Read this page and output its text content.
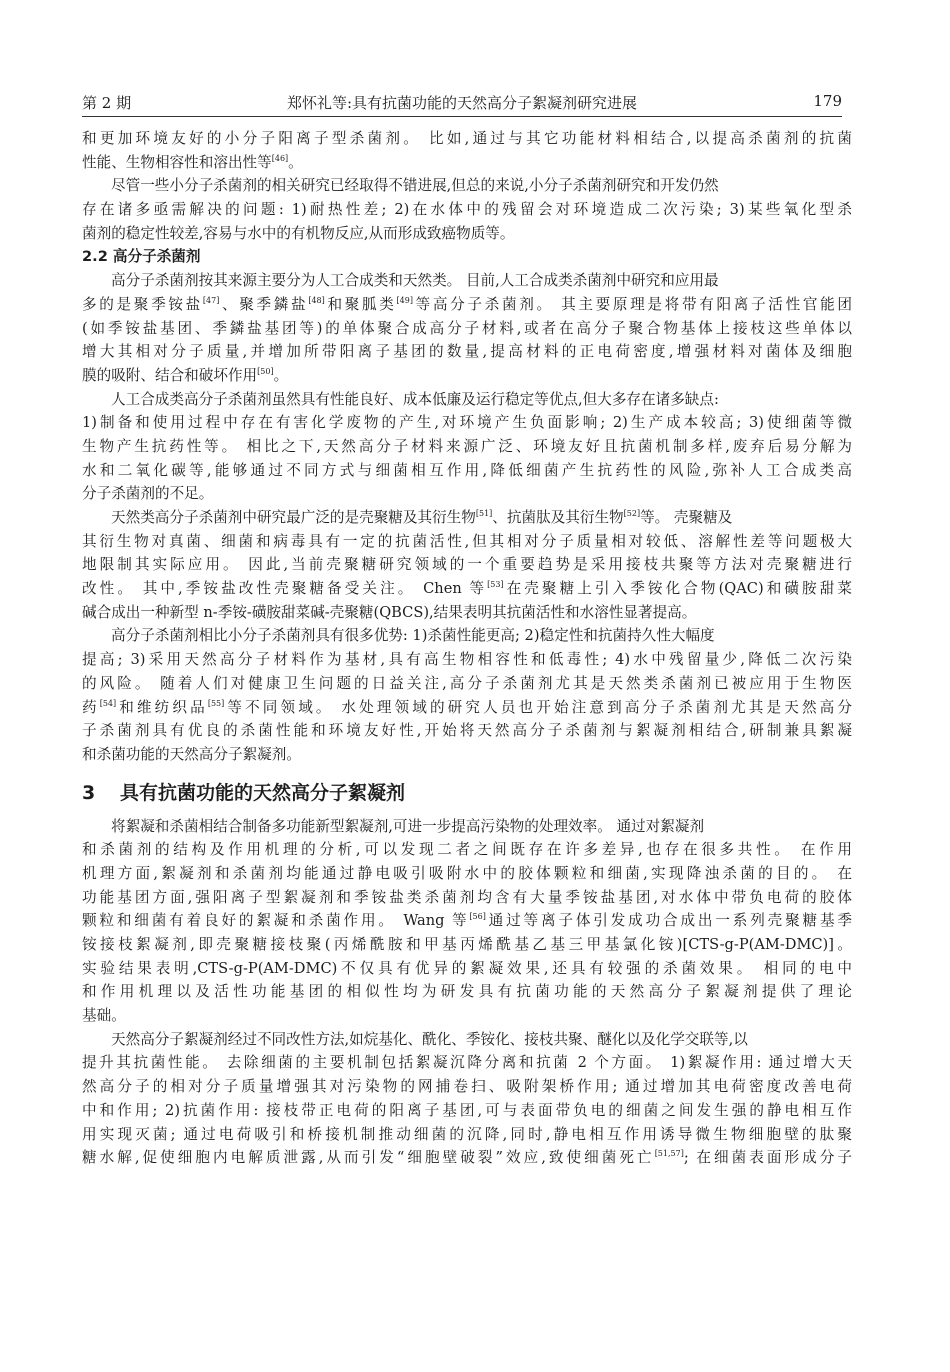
第 2 期	郑怀礼等:具有抗菌功能的天然高分子絮凝剂研究进展	179
和更加环境友好的小分子阳离子型杀菌剂。 比如,通过与其它功能材料相结合,以提高杀菌剂的抗菌
性能、生物相容性和溶出性等[46]。
尽管一些小分子杀菌剂的相关研究已经取得不错进展,但总的来说,小分子杀菌剂研究和开发仍然
存在诸多亟需解决的问题: 1)耐热性差; 2)在水体中的残留会对环境造成二次污染; 3)某些氧化型杀
菌剂的稳定性较差,容易与水中的有机物反应,从而形成致癌物质等。
2.2 高分子杀菌剂
高分子杀菌剂按其来源主要分为人工合成类和天然类。 目前,人工合成类杀菌剂中研究和应用最
多的是聚季铵盐[47]、聚季鏻盐[48]和聚胍类[49]等高分子杀菌剂。 其主要原理是将带有阳离子活性官能团
(如季铵盐基团、季鏻盐基团等)的单体聚合成高分子材料,或者在高分子聚合物基体上接枝这些单体以
增大其相对分子质量,并增加所带阳离子基团的数量,提高材料的正电荷密度,增强材料对菌体及细胞
膜的吸附、结合和破坏作用[50]。
人工合成类高分子杀菌剂虽然具有性能良好、成本低廉及运行稳定等优点,但大多存在诸多缺点:
1)制备和使用过程中存在有害化学废物的产生,对环境产生负面影响; 2)生产成本较高; 3)使细菌等微
生物产生抗药性等。 相比之下,天然高分子材料来源广泛、环境友好且抗菌机制多样,废弃后易分解为
水和二氧化碳等,能够通过不同方式与细菌相互作用,降低细菌产生抗药性的风险,弥补人工合成类高
分子杀菌剂的不足。
天然类高分子杀菌剂中研究最广泛的是壳聚糖及其衍生物[51]、抗菌肽及其衍生物[52]等。 壳聚糖及
其衍生物对真菌、细菌和病毒具有一定的抗菌活性,但其相对分子质量相对较低、溶解性差等问题极大
地限制其实际应用。 因此,当前壳聚糖研究领域的一个重要趋势是采用接枝共聚等方法对壳聚糖进行
改性。 其中,季铵盐改性壳聚糖备受关注。 Chen 等[53]在壳聚糖上引入季铵化合物(QAC)和磺胺甜菜
碱合成出一种新型 n-季铵-磺胺甜菜碱-壳聚糖(QBCS),结果表明其抗菌活性和水溶性显著提高。
高分子杀菌剂相比小分子杀菌剂具有很多优势: 1)杀菌性能更高; 2)稳定性和抗菌持久性大幅度
提高; 3)采用天然高分子材料作为基材,具有高生物相容性和低毒性; 4)水中残留量少,降低二次污染
的风险。 随着人们对健康卫生问题的日益关注,高分子杀菌剂尤其是天然类杀菌剂已被应用于生物医
药[54]和维纺织品[55]等不同领域。 水处理领域的研究人员也开始注意到高分子杀菌剂尤其是天然高分
子杀菌剂具有优良的杀菌性能和环境友好性,开始将天然高分子杀菌剂与絮凝剂相结合,研制兼具絮凝
和杀菌功能的天然高分子絮凝剂。
3 具有抗菌功能的天然高分子絮凝剂
将絮凝和杀菌相结合制备多功能新型絮凝剂,可进一步提高污染物的处理效率。 通过对絮凝剂
和杀菌剂的结构及作用机理的分析,可以发现二者之间既存在许多差异,也存在很多共性。 在作用
机理方面,絮凝剂和杀菌剂均能通过静电吸引吸附水中的胶体颗粒和细菌,实现降浊杀菌的目的。 在
功能基团方面,强阳离子型絮凝剂和季铵盐类杀菌剂均含有大量季铵盐基团,对水体中带负电荷的胶体
颗粒和细菌有着良好的絮凝和杀菌作用。 Wang 等[56]通过等离子体引发成功合成出一系列壳聚糖基季
铵接枝絮凝剂,即壳聚糖接枝聚(丙烯酰胺和甲基丙烯酰基乙基三甲基氯化铵)[CTS-g-P(AM-DMC)]。
实验结果表明,CTS-g-P(AM-DMC)不仅具有优异的絮凝效果,还具有较强的杀菌效果。 相同的电中
和作用机理以及活性功能基团的相似性均为研发具有抗菌功能的天然高分子絮凝剂提供了理论
基础。
天然高分子絮凝剂经过不同改性方法,如烷基化、酰化、季铵化、接枝共聚、醚化以及化学交联等,以
提升其抗菌性能。 去除细菌的主要机制包括絮凝沉降分离和抗菌 2 个方面。 1)絮凝作用: 通过增大天
然高分子的相对分子质量增强其对污染物的网捕卷扫、吸附架桥作用; 通过增加其电荷密度改善电荷
中和作用; 2)抗菌作用: 接枝带正电荷的阳离子基团,可与表面带负电的细菌之间发生强的静电相互作
用实现灭菌; 通过电荷吸引和桥接机制推动细菌的沉降,同时,静电相互作用诱导微生物细胞壁的肽聚
糖水解,促使细胞内电解质泄露,从而引发“细胞壁破裂”效应,致使细菌死亡[51,57]; 在细菌表面形成分子
